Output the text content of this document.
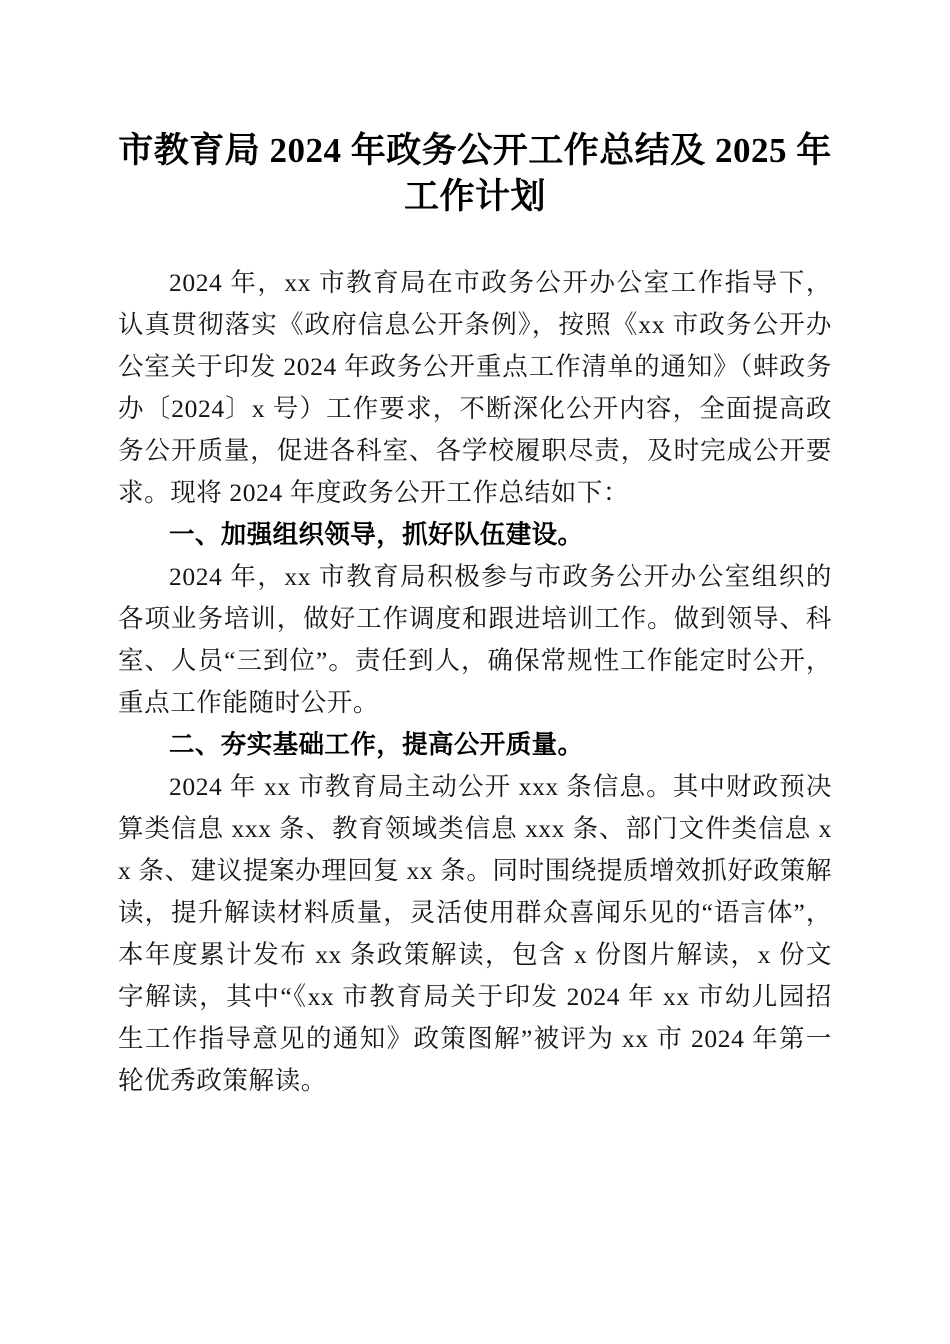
市教育局 2024 年政务公开工作总结及 2025 年
工作计划

2024 年，xx 市教育局在市政务公开办公室工作指导下，认真贯彻落实《政府信息公开条例》，按照《xx 市政务公开办公室关于印发 2024 年政务公开重点工作清单的通知》（蚌政务办〔2024〕x 号）工作要求，不断深化公开内容，全面提高政务公开质量，促进各科室、各学校履职尽责，及时完成公开要求。现将 2024 年度政务公开工作总结如下：

一、加强组织领导，抓好队伍建设。

2024 年，xx 市教育局积极参与市政务公开办公室组织的各项业务培训，做好工作调度和跟进培训工作。做到领导、科室、人员“三到位”。责任到人，确保常规性工作能定时公开，重点工作能随时公开。

二、夯实基础工作，提高公开质量。

2024 年 xx 市教育局主动公开 xxx 条信息。其中财政预决算类信息 xxx 条、教育领域类信息 xxx 条、部门文件类信息 xx 条、建议提案办理回复 xx 条。同时围绕提质增效抓好政策解读，提升解读材料质量，灵活使用群众喜闻乐见的“语言体”，本年度累计发布 xx 条政策解读，包含 x 份图片解读，x 份文字解读，其中“《xx 市教育局关于印发 2024 年 xx 市幼儿园招生工作指导意见的通知》政策图解”被评为 xx 市 2024 年第一轮优秀政策解读。
